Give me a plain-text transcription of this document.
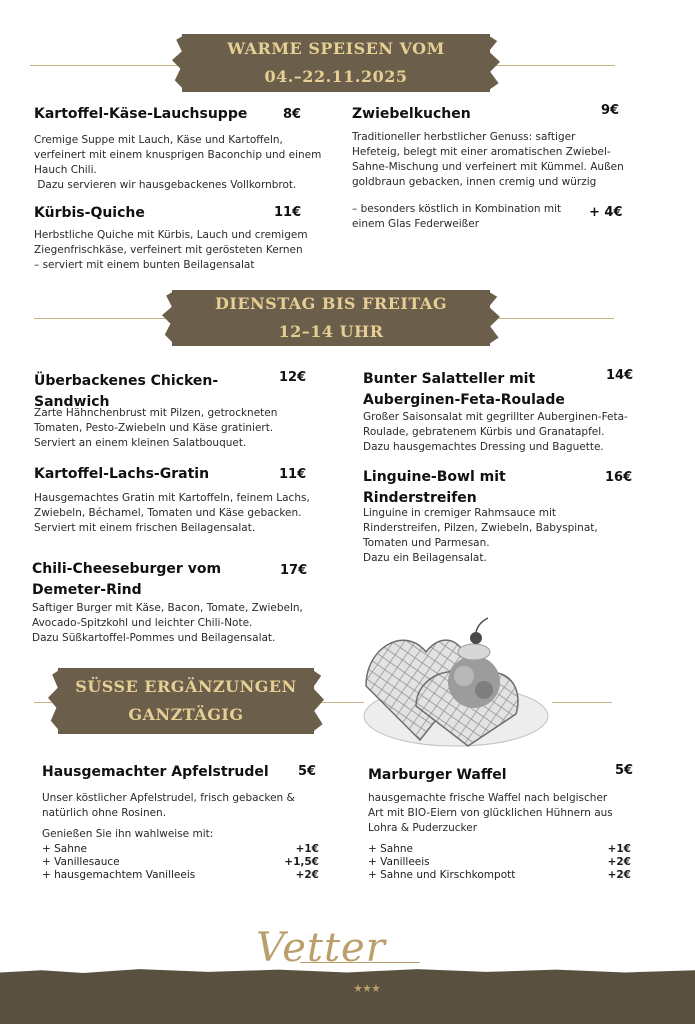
WARME SPEISEN VOM
04.–22.11.2025
Kartoffel-Käse-Lauchsuppe	8€
Cremige Suppe mit Lauch, Käse und Kartoffeln,
verfeinert mit einem knusprigen Baconchip und einem
Hauch Chili.
Dazu servieren wir hausgebackenes Vollkornbrot.
Kürbis-Quiche	11€
Herbstliche Quiche mit Kürbis, Lauch und cremigem
Ziegenfrischkäse, verfeinert mit gerösteten Kernen
– serviert mit einem bunten Beilagensalat
Zwiebelkuchen	9€
Traditioneller herbstlicher Genuss: saftiger
Hefeteig, belegt mit einer aromatischen Zwiebel-
Sahne-Mischung und verfeinert mit Kümmel. Außen
goldbraun gebacken, innen cremig und würzig
– besonders köstlich in Kombination mit
einem Glas Federweißer
+ 4€
DIENSTAG BIS FREITAG
12–14 UHR
Überbackenes Chicken-
Sandwich
12€
Zarte Hähnchenbrust mit Pilzen, getrockneten
Tomaten, Pesto-Zwiebeln und Käse gratiniert.
Serviert an einem kleinen Salatbouquet.
Kartoffel-Lachs-Gratin	11€
Hausgemachtes Gratin mit Kartoffeln, feinem Lachs,
Zwiebeln, Béchamel, Tomaten und Käse gebacken.
Serviert mit einem frischen Beilagensalat.
Chili-Cheeseburger vom
Demeter-Rind
17€
Saftiger Burger mit Käse, Bacon, Tomate, Zwiebeln,
Avocado-Spitzkohl und leichter Chili-Note.
Dazu Süßkartoffel-Pommes und Beilagensalat.
Bunter Salatteller mit
Auberginen-Feta-Roulade
14€
Großer Saisonsalat mit gegrillter Auberginen-Feta-
Roulade, gebratenem Kürbis und Granatapfel.
Dazu hausgemachtes Dressing und Baguette.
Linguine-Bowl mit
Rinderstreifen
16€
Linguine in cremiger Rahmsauce mit
Rinderstreifen, Pilzen, Zwiebeln, Babyspinat,
Tomaten und Parmesan.
Dazu ein Beilagensalat.
SÜSSE ERGÄNZUNGEN
GANZTÄGIG
Hausgemachter Apfelstrudel 5€
Unser köstlicher Apfelstrudel, frisch gebacken &
natürlich ohne Rosinen.
Genießen Sie ihn wahlweise mit:
+ Sahne	+1€
+ Vanillesauce	+1,5€
+ hausgemachtem Vanilleeis	+2€
Marburger Waffel	5€
hausgemachte frische Waffel nach belgischer
Art mit BIO-Eiern von glücklichen Hühnern aus
Lohra & Puderzucker
+ Sahne	+1€
+ Vanilleeis	+2€
+ Sahne und Kirschkompott	+2€
Vetter
